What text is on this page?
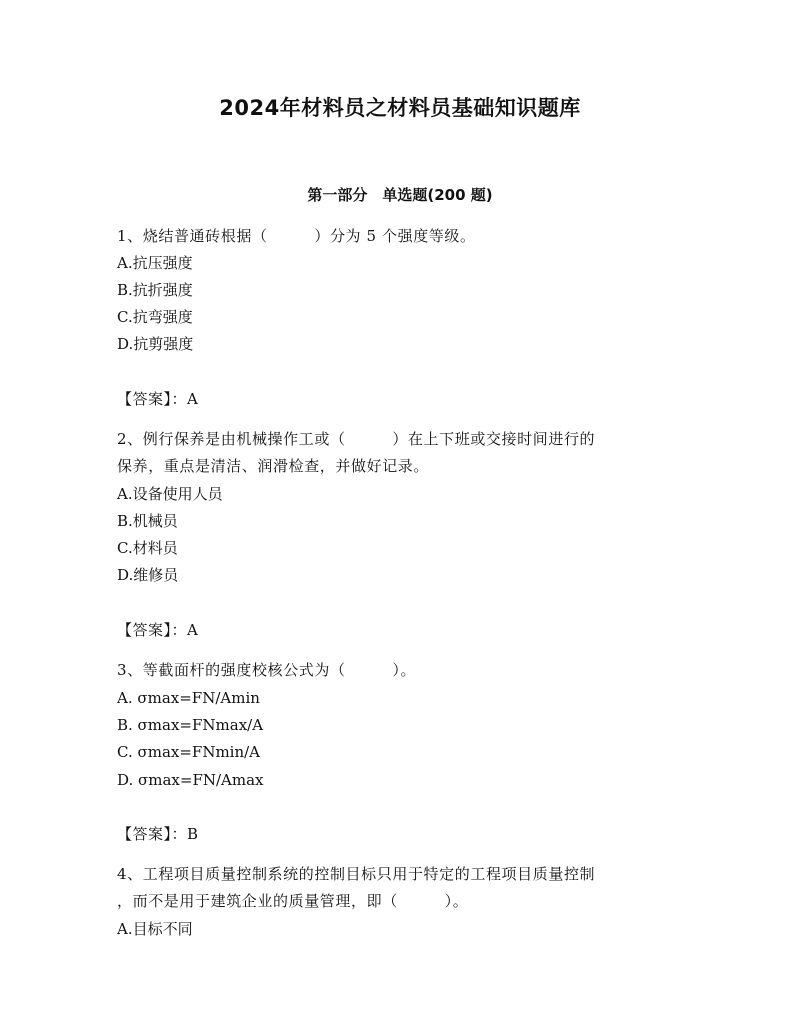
2024年材料员之材料员基础知识题库
第一部分　单选题(200 题)
1、烧结普通砖根据（　　　）分为 5 个强度等级。
A.抗压强度
B.抗折强度
C.抗弯强度
D.抗剪强度
【答案】：A
2、例行保养是由机械操作工或（　　　）在上下班或交接时间进行的
保养，重点是清洁、润滑检查，并做好记录。
A.设备使用人员
B.机械员
C.材料员
D.维修员
【答案】：A
3、等截面杆的强度校核公式为（　　　）。
A. σmax=FN/Amin
B. σmax=FNmax/A
C. σmax=FNmin/A
D. σmax=FN/Amax
【答案】：B
4、工程项目质量控制系统的控制目标只用于特定的工程项目质量控制
，而不是用于建筑企业的质量管理，即（　　　）。
A.目标不同
